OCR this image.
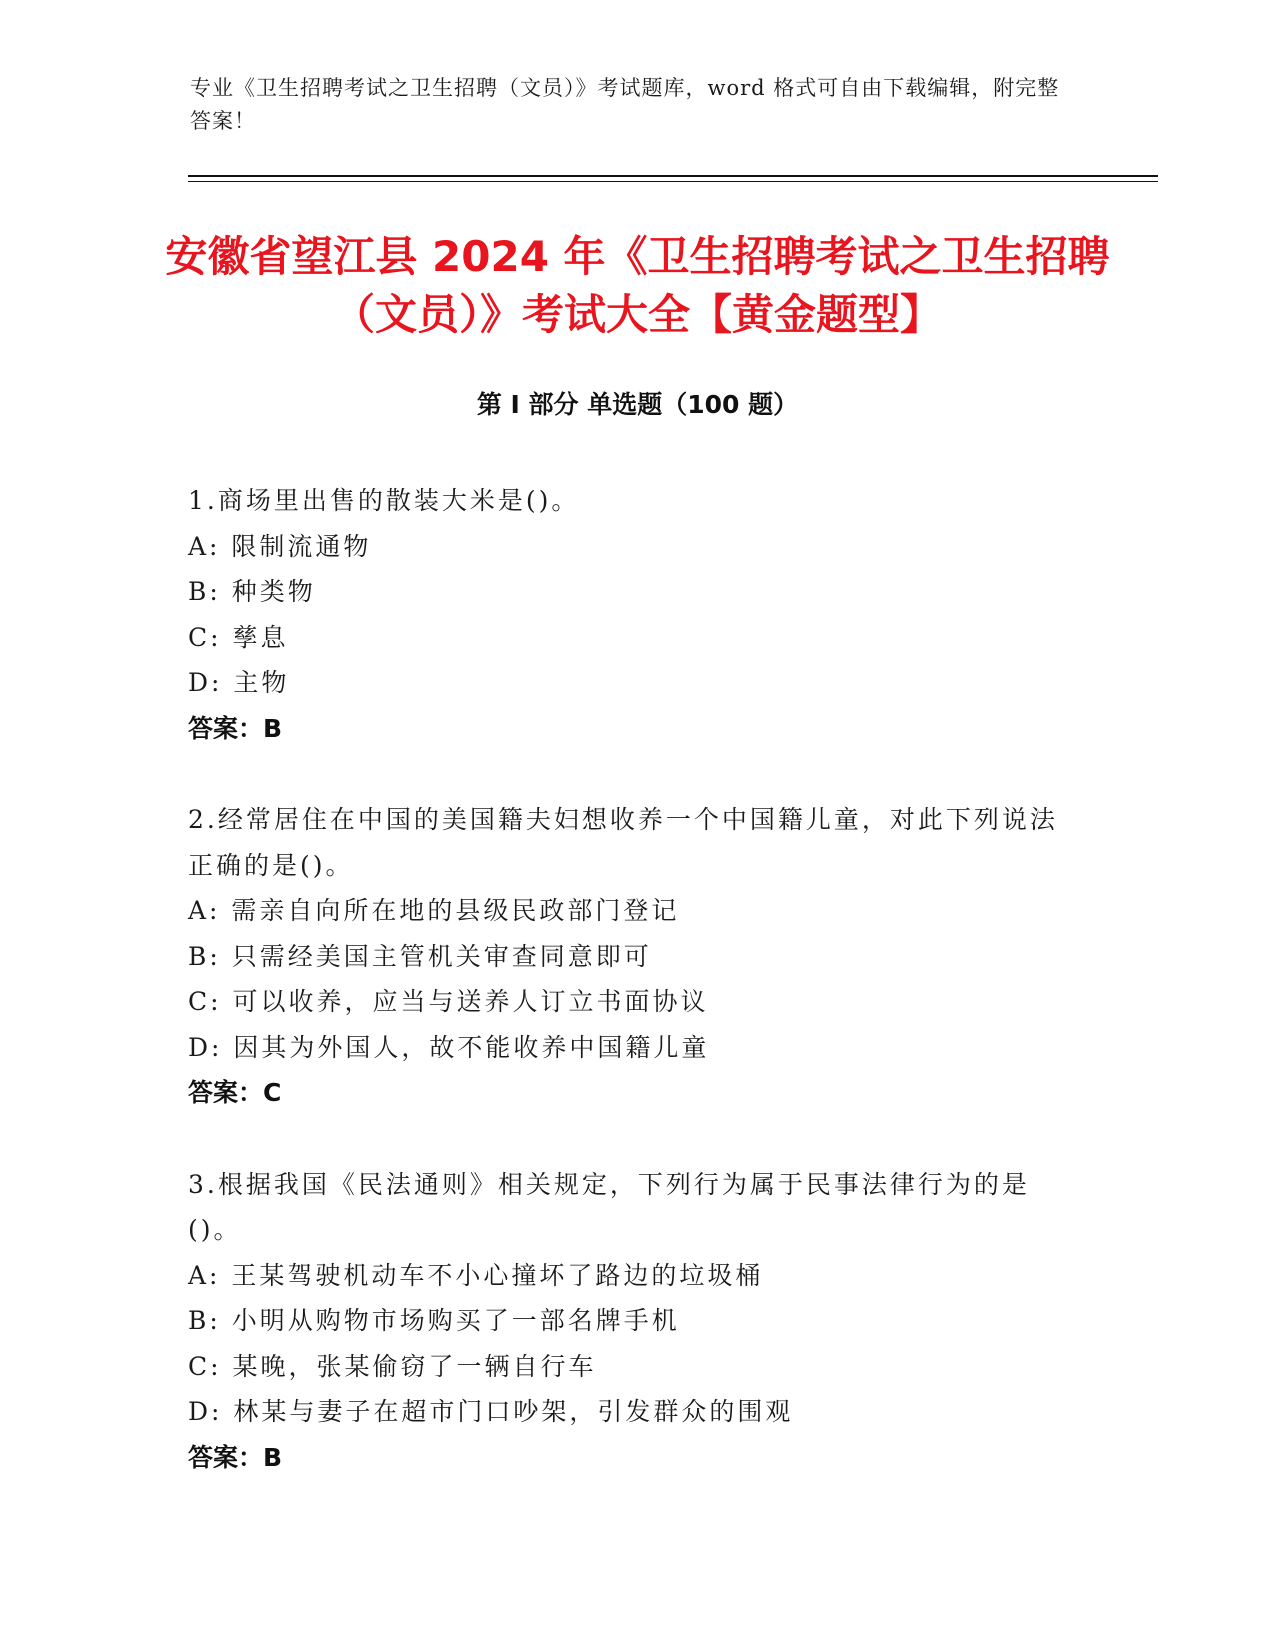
专业《卫生招聘考试之卫生招聘（文员）》考试题库，word 格式可自由下载编辑，附完整答案！
安徽省望江县 2024 年《卫生招聘考试之卫生招聘（文员）》考试大全【黄金题型】
第 I 部分 单选题（100 题）
1.商场里出售的散装大米是()。
A: 限制流通物
B: 种类物
C: 孳息
D: 主物
答案：B
2.经常居住在中国的美国籍夫妇想收养一个中国籍儿童，对此下列说法正确的是()。
A: 需亲自向所在地的县级民政部门登记
B: 只需经美国主管机关审查同意即可
C: 可以收养，应当与送养人订立书面协议
D: 因其为外国人，故不能收养中国籍儿童
答案：C
3.根据我国《民法通则》相关规定，下列行为属于民事法律行为的是()。
A: 王某驾驶机动车不小心撞坏了路边的垃圾桶
B: 小明从购物市场购买了一部名牌手机
C: 某晚，张某偷窃了一辆自行车
D: 林某与妻子在超市门口吵架，引发群众的围观
答案：B
